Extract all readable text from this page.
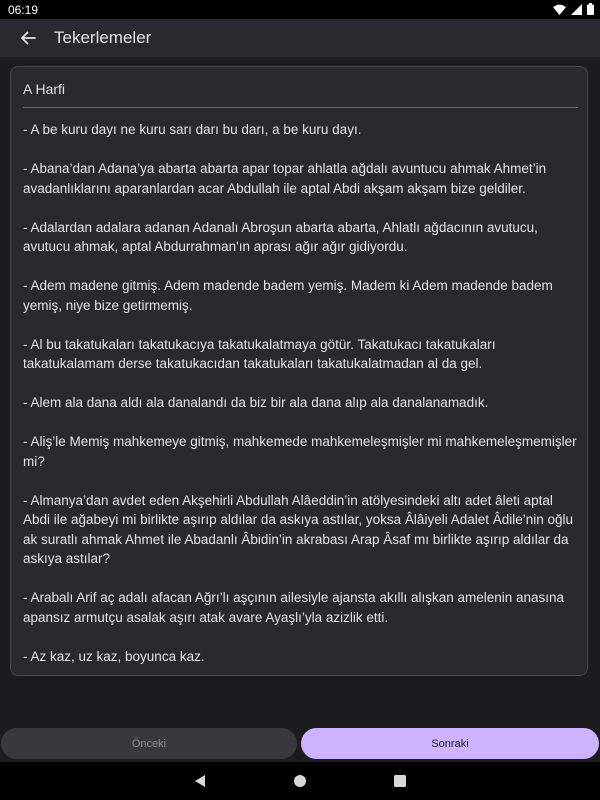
06:19
Tekerlemeler
A Harfi

- A be kuru dayı ne kuru sarı darı bu darı, a be kuru dayı.

- Abana’dan Adana’ya abarta abarta apar topar ahlatla ağdalı avuntucu ahmak Ahmet’in avadanlıklarını aparanlardan acar Abdullah ile aptal Abdi akşam akşam bize geldiler.

- Adalardan adalara adanan Adanalı Abroşun abarta abarta, Ahlatlı ağdacının avutucu, avutucu ahmak, aptal Abdurrahman'ın aprası ağır ağır gidiyordu.

- Adem madene gitmiş. Adem madende badem yemiş. Madem ki Adem madende badem yemiş, niye bize getirmemiş.

- Al bu takatukaları takatukacıya takatukalatmaya götür. Takatukacı takatukaları takatukalamam derse takatukacıdan takatukaları takatukalatmadan al da gel.

- Alem ala dana aldı ala danalandı da biz bir ala dana alıp ala danalanamadık.

- Aliş’le Memiş mahkemeye gitmiş, mahkemede mahkemeleşmişler mi mahkemeleşmemişler mi?

- Almanya’dan avdet eden Akşehirli Abdullah Alâeddin’in atölyesindeki altı adet âleti aptal Abdi ile ağabeyi mi birlikte aşırıp aldılar da askıya astılar, yoksa Âlâiyeli Adalet Âdile’nin oğlu ak suratlı ahmak Ahmet ile Abadanlı Âbidin’in akrabası Arap Âsaf mı birlikte aşırıp aldılar da askıya astılar?

- Arabalı Arif aç adalı afacan Ağrı’lı aşçının ailesiyle ajansta akıllı alışkan amelenin anasına apansız armutçu asalak aşırı atak avare Ayaşlı’yla azizlik etti.

- Az kaz, uz kaz, boyunca kaz.

Önceki	Sonraki
